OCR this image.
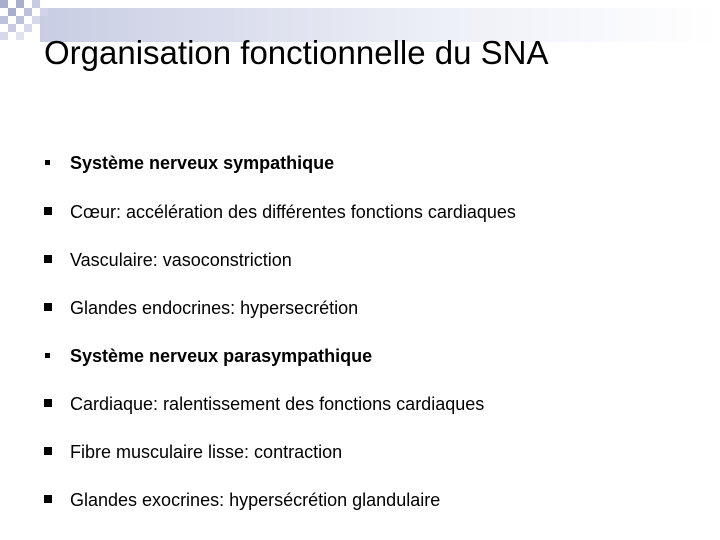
Organisation fonctionnelle du SNA
Système nerveux sympathique
Cœur: accélération des différentes fonctions cardiaques
Vasculaire: vasoconstriction
Glandes endocrines: hypersecrétion
Système nerveux parasympathique
Cardiaque: ralentissement des fonctions cardiaques
Fibre musculaire lisse: contraction
Glandes exocrines: hypersécrétion glandulaire
